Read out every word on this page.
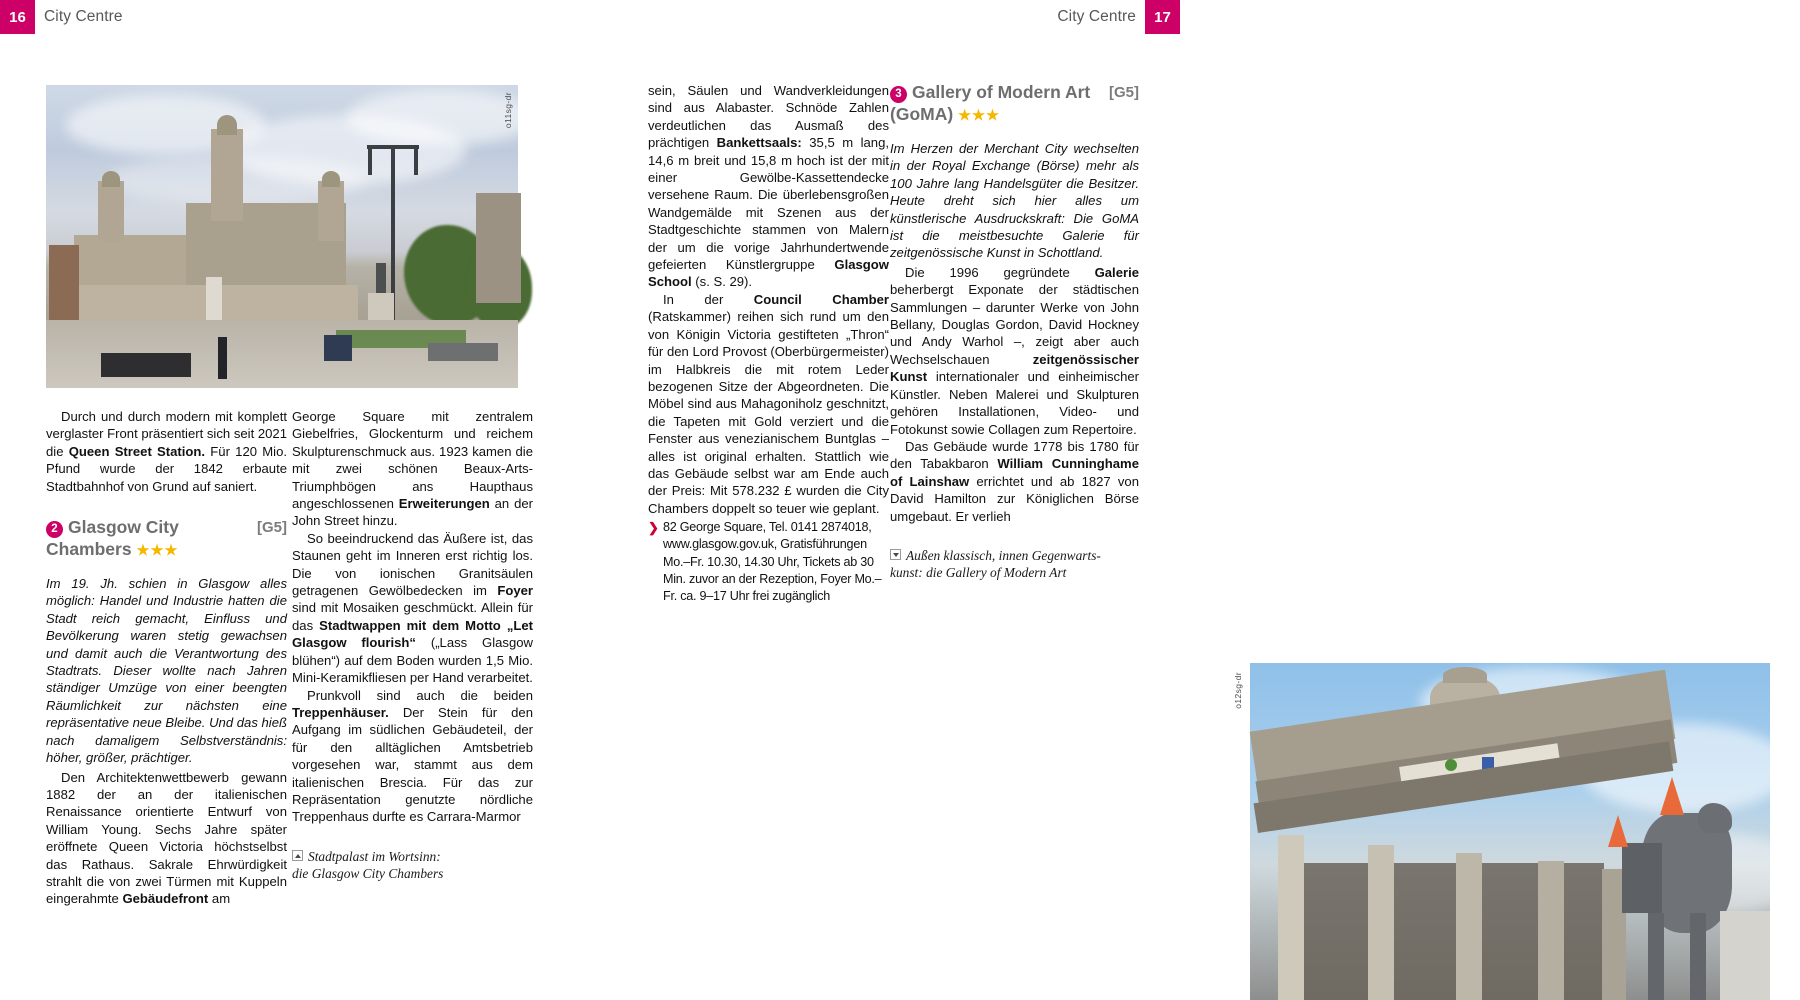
16	City Centre	City Centre	17
o11sg-dr

Durch und durch modern mit komplett verglaster Front präsentiert sich seit 2021 die Queen Street Station. Für 120 Mio. Pfund wurde der 1842 erbaute Stadtbahnhof von Grund auf saniert.

[G5]
2 Glasgow City
Chambers ★★★

Im 19. Jh. schien in Glasgow alles möglich: Handel und Industrie hatten die Stadt reich gemacht, Einfluss und Bevölkerung waren stetig gewachsen und damit auch die Verantwortung des Stadtrats. Dieser wollte nach Jahren ständiger Umzüge von einer beengten Räumlichkeit zur nächsten eine repräsentative neue Bleibe. Und das hieß nach damaligem Selbstverständnis: höher, größer, prächtiger.

Den Architektenwettbewerb gewann 1882 der an der italienischen Renaissance orientierte Entwurf von William Young. Sechs Jahre später eröffnete Queen Victoria höchstselbst das Rathaus. Sakrale Ehrwürdigkeit strahlt die von zwei Türmen mit Kuppeln eingerahmte Gebäudefront am

George Square mit zentralem Giebelfries, Glockenturm und reichem Skulpturenschmuck aus. 1923 kamen die mit zwei schönen Beaux-Arts-Triumphbögen ans Haupthaus angeschlossenen Erweiterungen an der John Street hinzu.

So beeindruckend das Äußere ist, das Staunen geht im Inneren erst richtig los. Die von ionischen Granitsäulen getragenen Gewölbedecken im Foyer sind mit Mosaiken geschmückt. Allein für das Stadtwappen mit dem Motto „Let Glasgow flourish“ („Lass Glasgow blühen“) auf dem Boden wurden 1,5 Mio. Mini-Keramikfliesen per Hand verarbeitet.

Prunkvoll sind auch die beiden Treppenhäuser. Der Stein für den Aufgang im südlichen Gebäudeteil, der für den alltäglichen Amtsbetrieb vorgesehen war, stammt aus dem italienischen Brescia. Für das zur Repräsentation genutzte nördliche Treppenhaus durfte es Carrara-Marmor

Stadtpalast im Wortsinn:
die Glasgow City Chambers

sein, Säulen und Wandverkleidungen sind aus Alabaster. Schnöde Zahlen verdeutlichen das Ausmaß des prächtigen Bankettsaals: 35,5 m lang, 14,6 m breit und 15,8 m hoch ist der mit einer Gewölbe-Kassettendecke versehene Raum. Die überlebensgroßen Wandgemälde mit Szenen aus der Stadtgeschichte stammen von Malern der um die vorige Jahrhundertwende gefeierten Künstlergruppe Glasgow School (s. S. 29).

In der Council Chamber (Ratskammer) reihen sich rund um den von Königin Victoria gestifteten „Thron“ für den Lord Provost (Oberbürgermeister) im Halbkreis die mit rotem Leder bezogenen Sitze der Abgeordneten. Die Möbel sind aus Mahagoniholz geschnitzt, die Tapeten mit Gold verziert und die Fenster aus venezianischem Buntglas – alles ist original erhalten. Stattlich wie das Gebäude selbst war am Ende auch der Preis: Mit 578.232 £ wurden die City Chambers doppelt so teuer wie geplant.

❯ 82 George Square, Tel. 0141 2874018, www.glasgow.gov.uk, Gratisführungen Mo.–Fr. 10.30, 14.30 Uhr, Tickets ab 30 Min. zuvor an der Rezeption, Foyer Mo.–Fr. ca. 9–17 Uhr frei zugänglich
[G5]
3 Gallery of Modern Art
(GoMA) ★★★

Im Herzen der Merchant City wechselten in der Royal Exchange (Börse) mehr als 100 Jahre lang Handelsgüter die Besitzer. Heute dreht sich hier alles um künstlerische Ausdruckskraft: Die GoMA ist die meistbesuchte Galerie für zeitgenössische Kunst in Schottland.

Die 1996 gegründete Galerie beherbergt Exponate der städtischen Sammlungen – darunter Werke von John Bellany, Douglas Gordon, David Hockney und Andy Warhol –, zeigt aber auch Wechselschauen zeitgenössischer Kunst internationaler und einheimischer Künstler. Neben Malerei und Skulpturen gehören Installationen, Video- und Fotokunst sowie Collagen zum Repertoire.

Das Gebäude wurde 1778 bis 1780 für den Tabakbaron William Cunninghame of Lainshaw errichtet und ab 1827 von David Hamilton zur Königlichen Börse umgebaut. Er verlieh

Außen klassisch, innen Gegenwarts-
kunst: die Gallery of Modern Art
o12sg-dr
